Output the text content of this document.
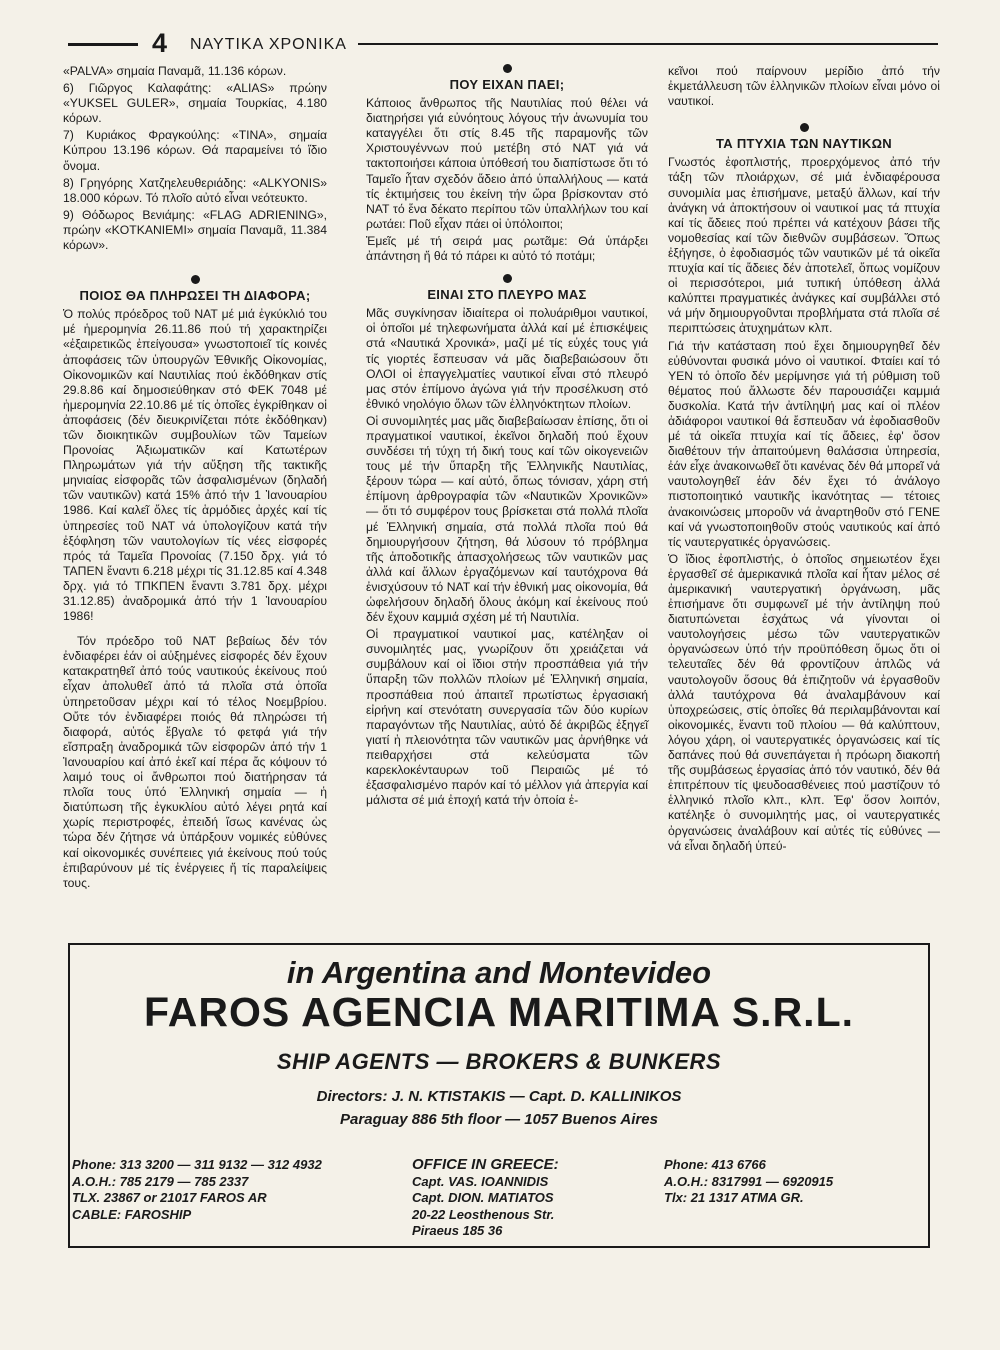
4 ΝΑΥΤΙΚΑ ΧΡΟΝΙΚΑ

«PALVA» σημαία Παναμᾶ, 11.136 κόρων.

6) Γιῶργος Καλαφάτης: «ALIAS» πρώην «YUKSEL GULER», σημαία Τουρκίας, 4.180 κόρων.

7) Κυριάκος Φραγκούλης: «TINA», σημαία Κύπρου 13.196 κόρων. Θά παραμείνει τό ἴδιο ὄνομα.

8) Γρηγόρης Χατζηελευθεριάδης: «ALKYONIS» 18.000 κόρων. Τό πλοῖο αὐτό εἶναι νεότευκτο.

9) Θόδωρος Βενιάμης: «FLAG ADRIENING», πρώην «KOTKANIEMI» σημαία Παναμᾶ, 11.384 κόρων».

ΠΟΙΟΣ ΘΑ ΠΛΗΡΩΣΕΙ ΤΗ ΔΙΑΦΟΡΑ;

Ὁ πολύς πρόεδρος τοῦ ΝΑΤ μέ μιά ἐγκύκλιό του μέ ἡμερομηνία 26.11.86 πού τή χαρακτηρίζει «ἐξαιρετικῶς ἐπείγουσα» γνωστοποιεῖ τίς κοινές ἀποφάσεις τῶν ὑπουργῶν Ἐθνικῆς Οἰκονομίας, Οἰκονομικῶν καί Ναυτιλίας πού ἐκδόθηκαν στίς 29.8.86 καί δημοσιεύθηκαν στό ΦΕΚ 7048 μέ ἡμερομηνία 22.10.86 μέ τίς ὁποῖες ἐγκρίθηκαν οἱ ἀποφάσεις (δέν διευκρινίζεται πότε ἐκδόθηκαν) τῶν διοικητικῶν συμβουλίων τῶν Ταμείων Προνοίας Ἀξιωματικῶν καί Κατωτέρων Πληρωμάτων γιά τήν αὔξηση τῆς τακτικῆς μηνιαίας εἰσφορᾶς τῶν ἀσφαλισμένων (δηλαδή τῶν ναυτικῶν) κατά 15% ἀπό τήν 1 Ἰανουαρίου 1986. Καί καλεῖ ὅλες τίς ἁρμόδιες ἀρχές καί τίς ὑπηρεσίες τοῦ ΝΑΤ νά ὑπολογίζουν κατά τήν ἐξόφληση τῶν ναυτολογίων τίς νέες εἰσφορές πρός τά Ταμεῖα Προνοίας (7.150 δρχ. γιά τό ΤΑΠΕΝ ἔναντι 6.218 μέχρι τίς 31.12.85 καί 4.348 δρχ. γιά τό ΤΠΚΠΕΝ ἔναντι 3.781 δρχ. μέχρι 31.12.85) ἀναδρομικά ἀπό τήν 1 Ἰανουαρίου 1986!

Τόν πρόεδρο τοῦ ΝΑΤ βεβαίως δέν τόν ἐνδιαφέρει ἐάν οἱ αὐξημένες εἰσφορές δέν ἔχουν κατακρατηθεῖ ἀπό τούς ναυτικούς ἐκείνους πού εἶχαν ἀπολυθεῖ ἀπό τά πλοῖα στά ὁποῖα ὑπηρετοῦσαν μέχρι καί τό τέλος Νοεμβρίου. Οὔτε τόν ἐνδιαφέρει ποιός θά πληρώσει τή διαφορά, αὐτός ἔβγαλε τό φετφά γιά τήν εἴσπραξη ἀναδρομικά τῶν εἰσφορῶν ἀπό τήν 1 Ἰανουαρίου καί ἀπό ἐκεῖ καί πέρα ἄς κόψουν τό λαιμό τους οἱ ἄνθρωποι πού διατήρησαν τά πλοῖα τους ὑπό Ἑλληνική σημαία — ἡ διατύπωση τῆς ἐγκυκλίου αὐτό λέγει ρητά καί χωρίς περιστροφές, ἐπειδή ἴσως κανένας ὡς τώρα δέν ζήτησε νά ὑπάρξουν νομικές εὐθύνες καί οἰκονομικές συνέπειες γιά ἐκείνους πού τούς ἐπιβαρύνουν μέ τίς ἐνέργειες ἤ τίς παραλείψεις τους.

ΠΟΥ ΕΙΧΑΝ ΠΑΕΙ;

Κάποιος ἄνθρωπος τῆς Ναυτιλίας πού θέλει νά διατηρήσει γιά εὐνόητους λόγους τήν ἀνωνυμία του καταγγέλει ὅτι στίς 8.45 τῆς παραμονῆς τῶν Χριστουγέννων πού μετέβη στό ΝΑΤ γιά νά τακτοποιήσει κάποια ὑπόθεσή του διαπίστωσε ὅτι τό Ταμεῖο ἦταν σχεδόν ἄδειο ἀπό ὑπαλλήλους — κατά τίς ἐκτιμήσεις του ἐκείνη τήν ὥρα βρίσκονταν στό ΝΑΤ τό ἕνα δέκατο περίπου τῶν ὑπαλλήλων του καί ρωτάει: Ποῦ εἶχαν πάει οἱ ὑπόλοιποι;

Ἐμεῖς μέ τή σειρά μας ρωτᾶμε: Θά ὑπάρξει ἀπάντηση ἤ θά τό πάρει κι αὐτό τό ποτάμι;

ΕΙΝΑΙ ΣΤΟ ΠΛΕΥΡΟ ΜΑΣ

Μᾶς συγκίνησαν ἰδιαίτερα οἱ πολυάριθμοι ναυτικοί, οἱ ὁποῖοι μέ τηλεφωνήματα ἀλλά καί μέ ἐπισκέψεις στά «Ναυτικά Χρονικά», μαζί μέ τίς εὐχές τους γιά τίς γιορτές ἔσπευσαν νά μᾶς διαβεβαιώσουν ὅτι ΟΛΟΙ οἱ ἐπαγγελματίες ναυτικοί εἶναι στό πλευρό μας στόν ἐπίμονο ἀγώνα γιά τήν προσέλκυση στό ἐθνικό νηολόγιο ὅλων τῶν ἑλληνόκτητων πλοίων.

Οἱ συνομιλητές μας μᾶς διαβεβαίωσαν ἐπίσης, ὅτι οἱ πραγματικοί ναυτικοί, ἐκεῖνοι δηλαδή πού ἔχουν συνδέσει τή τύχη τή δική τους καί τῶν οἰκογενειῶν τους μέ τήν ὕπαρξη τῆς Ἑλληνικῆς Ναυτιλίας, ξέρουν τώρα — καί αὐτό, ὅπως τόνισαν, χάρη στή ἐπίμονη ἀρθρογραφία τῶν «Ναυτικῶν Χρονικῶν» — ὅτι τό συμφέρον τους βρίσκεται στά πολλά πλοῖα μέ Ἑλληνική σημαία, στά πολλά πλοῖα πού θά δημιουργήσουν ζήτηση, θά λύσουν τό πρόβλημα τῆς ἀποδοτικῆς ἀπασχολήσεως τῶν ναυτικῶν μας ἀλλά καί ἄλλων ἐργαζόμενων καί ταυτόχρονα θά ἐνισχύσουν τό ΝΑΤ καί τήν ἐθνική μας οἰκονομία, θά ὠφελήσουν δηλαδή ὅλους ἀκόμη καί ἐκείνους πού δέν ἔχουν καμμιά σχέση μέ τή Ναυτιλία.

Οἱ πραγματικοί ναυτικοί μας, κατέληξαν οἱ συνομιλητές μας, γνωρίζουν ὅτι χρειάζεται νά συμβάλουν καί οἱ ἴδιοι στήν προσπάθεια γιά τήν ὕπαρξη τῶν πολλῶν πλοίων μέ Ἑλληνική σημαία, προσπάθεια πού ἀπαιτεῖ πρωτίστως ἐργασιακή εἰρήνη καί στενότατη συνεργασία τῶν δύο κυρίων παραγόντων τῆς Ναυτιλίας, αὐτό δέ ἀκριβῶς ἐξηγεῖ γιατί ἡ πλειονότητα τῶν ναυτικῶν μας ἀρνήθηκε νά πειθαρχήσει στά κελεύσματα τῶν καρεκλοκένταυρων τοῦ Πειραιῶς μέ τό ἐξασφαλισμένο παρόν καί τό μέλλον γιά ἀπεργία καί μάλιστα σέ μιά ἐποχή κατά τήν ὁποία ἐ-

κεῖνοι πού παίρνουν μερίδιο ἀπό τήν ἐκμετάλλευση τῶν ἑλληνικῶν πλοίων εἶναι μόνο οἱ ναυτικοί.

ΤΑ ΠΤΥΧΙΑ ΤΩΝ ΝΑΥΤΙΚΩΝ

Γνωστός ἐφοπλιστής, προερχόμενος ἀπό τήν τάξη τῶν πλοιάρχων, σέ μιά ἐνδιαφέρουσα συνομιλία μας ἐπισήμανε, μεταξύ ἄλλων, καί τήν ἀνάγκη νά ἀποκτήσουν οἱ ναυτικοί μας τά πτυχία καί τίς ἄδειες πού πρέπει νά κατέχουν βάσει τῆς νομοθεσίας καί τῶν διεθνῶν συμβάσεων. Ὅπως ἐξήγησε, ὁ ἐφοδιασμός τῶν ναυτικῶν μέ τά οἰκεῖα πτυχία καί τίς ἄδειες δέν ἀποτελεῖ, ὅπως νομίζουν οἱ περισσότεροι, μιά τυπική ὑπόθεση ἀλλά καλύπτει πραγματικές ἀνάγκες καί συμβάλλει στό νά μήν δημιουργοῦνται προβλήματα στά πλοῖα σέ περιπτώσεις ἀτυχημάτων κλπ.

Γιά τήν κατάσταση πού ἔχει δημιουργηθεῖ δέν εὐθύνονται φυσικά μόνο οἱ ναυτικοί. Φταίει καί τό ΥΕΝ τό ὁποῖο δέν μερίμνησε γιά τή ρύθμιση τοῦ θέματος πού ἄλλωστε δέν παρουσιάζει καμμιά δυσκολία. Κατά τήν ἀντίληψή μας καί οἱ πλέον ἀδιάφοροι ναυτικοί θά ἔσπευδαν νά ἐφοδιασθοῦν μέ τά οἰκεῖα πτυχία καί τίς ἄδειες, ἐφ' ὅσον διαθέτουν τήν ἀπαιτούμενη θαλάσσια ὑπηρεσία, ἐάν εἶχε ἀνακοινωθεῖ ὅτι κανένας δέν θά μπορεῖ νά ναυτολογηθεῖ ἐάν δέν ἔχει τό ἀνάλογο πιστοποιητικό ναυτικῆς ἱκανότητας — τέτοιες ἀνακοινώσεις μποροῦν νά ἀναρτηθοῦν στό ΓΕΝΕ καί νά γνωστοποιηθοῦν στούς ναυτικούς καί ἀπό τίς ναυτεργατικές ὀργανώσεις.

Ὁ ἴδιος ἐφοπλιστής, ὁ ὁποῖος σημειωτέον ἔχει ἐργασθεῖ σέ ἀμερικανικά πλοῖα καί ἦταν μέλος σέ ἀμερικανική ναυτεργατική ὀργάνωση, μᾶς ἐπισήμανε ὅτι συμφωνεῖ μέ τήν ἀντίληψη πού διατυπώνεται ἐσχάτως νά γίνονται οἱ ναυτολογήσεις μέσω τῶν ναυτεργατικῶν ὀργανώσεων ὑπό τήν προϋπόθεση ὅμως ὅτι οἱ τελευταῖες δέν θά φροντίζουν ἁπλῶς νά ναυτολογοῦν ὅσους θά ἐπιζητοῦν νά ἐργασθοῦν ἀλλά ταυτόχρονα θά ἀναλαμβάνουν καί ὑποχρεώσεις, στίς ὁποῖες θά περιλαμβάνονται καί οἰκονομικές, ἔναντι τοῦ πλοίου — θά καλύπτουν, λόγου χάρη, οἱ ναυτεργατικές ὀργανώσεις καί τίς δαπάνες πού θά συνεπάγεται ἡ πρόωρη διακοπή τῆς συμβάσεως ἐργασίας ἀπό τόν ναυτικό, δέν θά ἐπιτρέπουν τίς ψευδοασθένειες πού μαστίζουν τό ἑλληνικό πλοῖο κλπ., κλπ. Ἐφ' ὅσον λοιπόν, κατέληξε ὁ συνομιλητής μας, οἱ ναυτεργατικές ὀργανώσεις ἀναλάβουν καί αὐτές τίς εὐθύνες — νά εἶναι δηλαδή ὑπεύ-

in Argentina and Montevideo
FAROS AGENCIA MARITIMA S.R.L.
SHIP AGENTS — BROKERS & BUNKERS
Directors: J. N. KTISTAKIS — Capt. D. KALLINIKOS
Paraguay 886 5th floor — 1057 Buenos Aires
Phone: 313 3200 — 311 9132 — 312 4932
A.O.H.: 785 2179 — 785 2337
TLX. 23867 or 21017 FAROS AR
CABLE: FAROSHIP
OFFICE IN GREECE:
Capt. VAS. IOANNIDIS
Capt. DION. MATIATOS
20-22 Leosthenous Str.
Piraeus 185 36
Phone: 413 6766
A.O.H.: 8317991 — 6920915
Tlx: 21 1317 ATMA GR.
